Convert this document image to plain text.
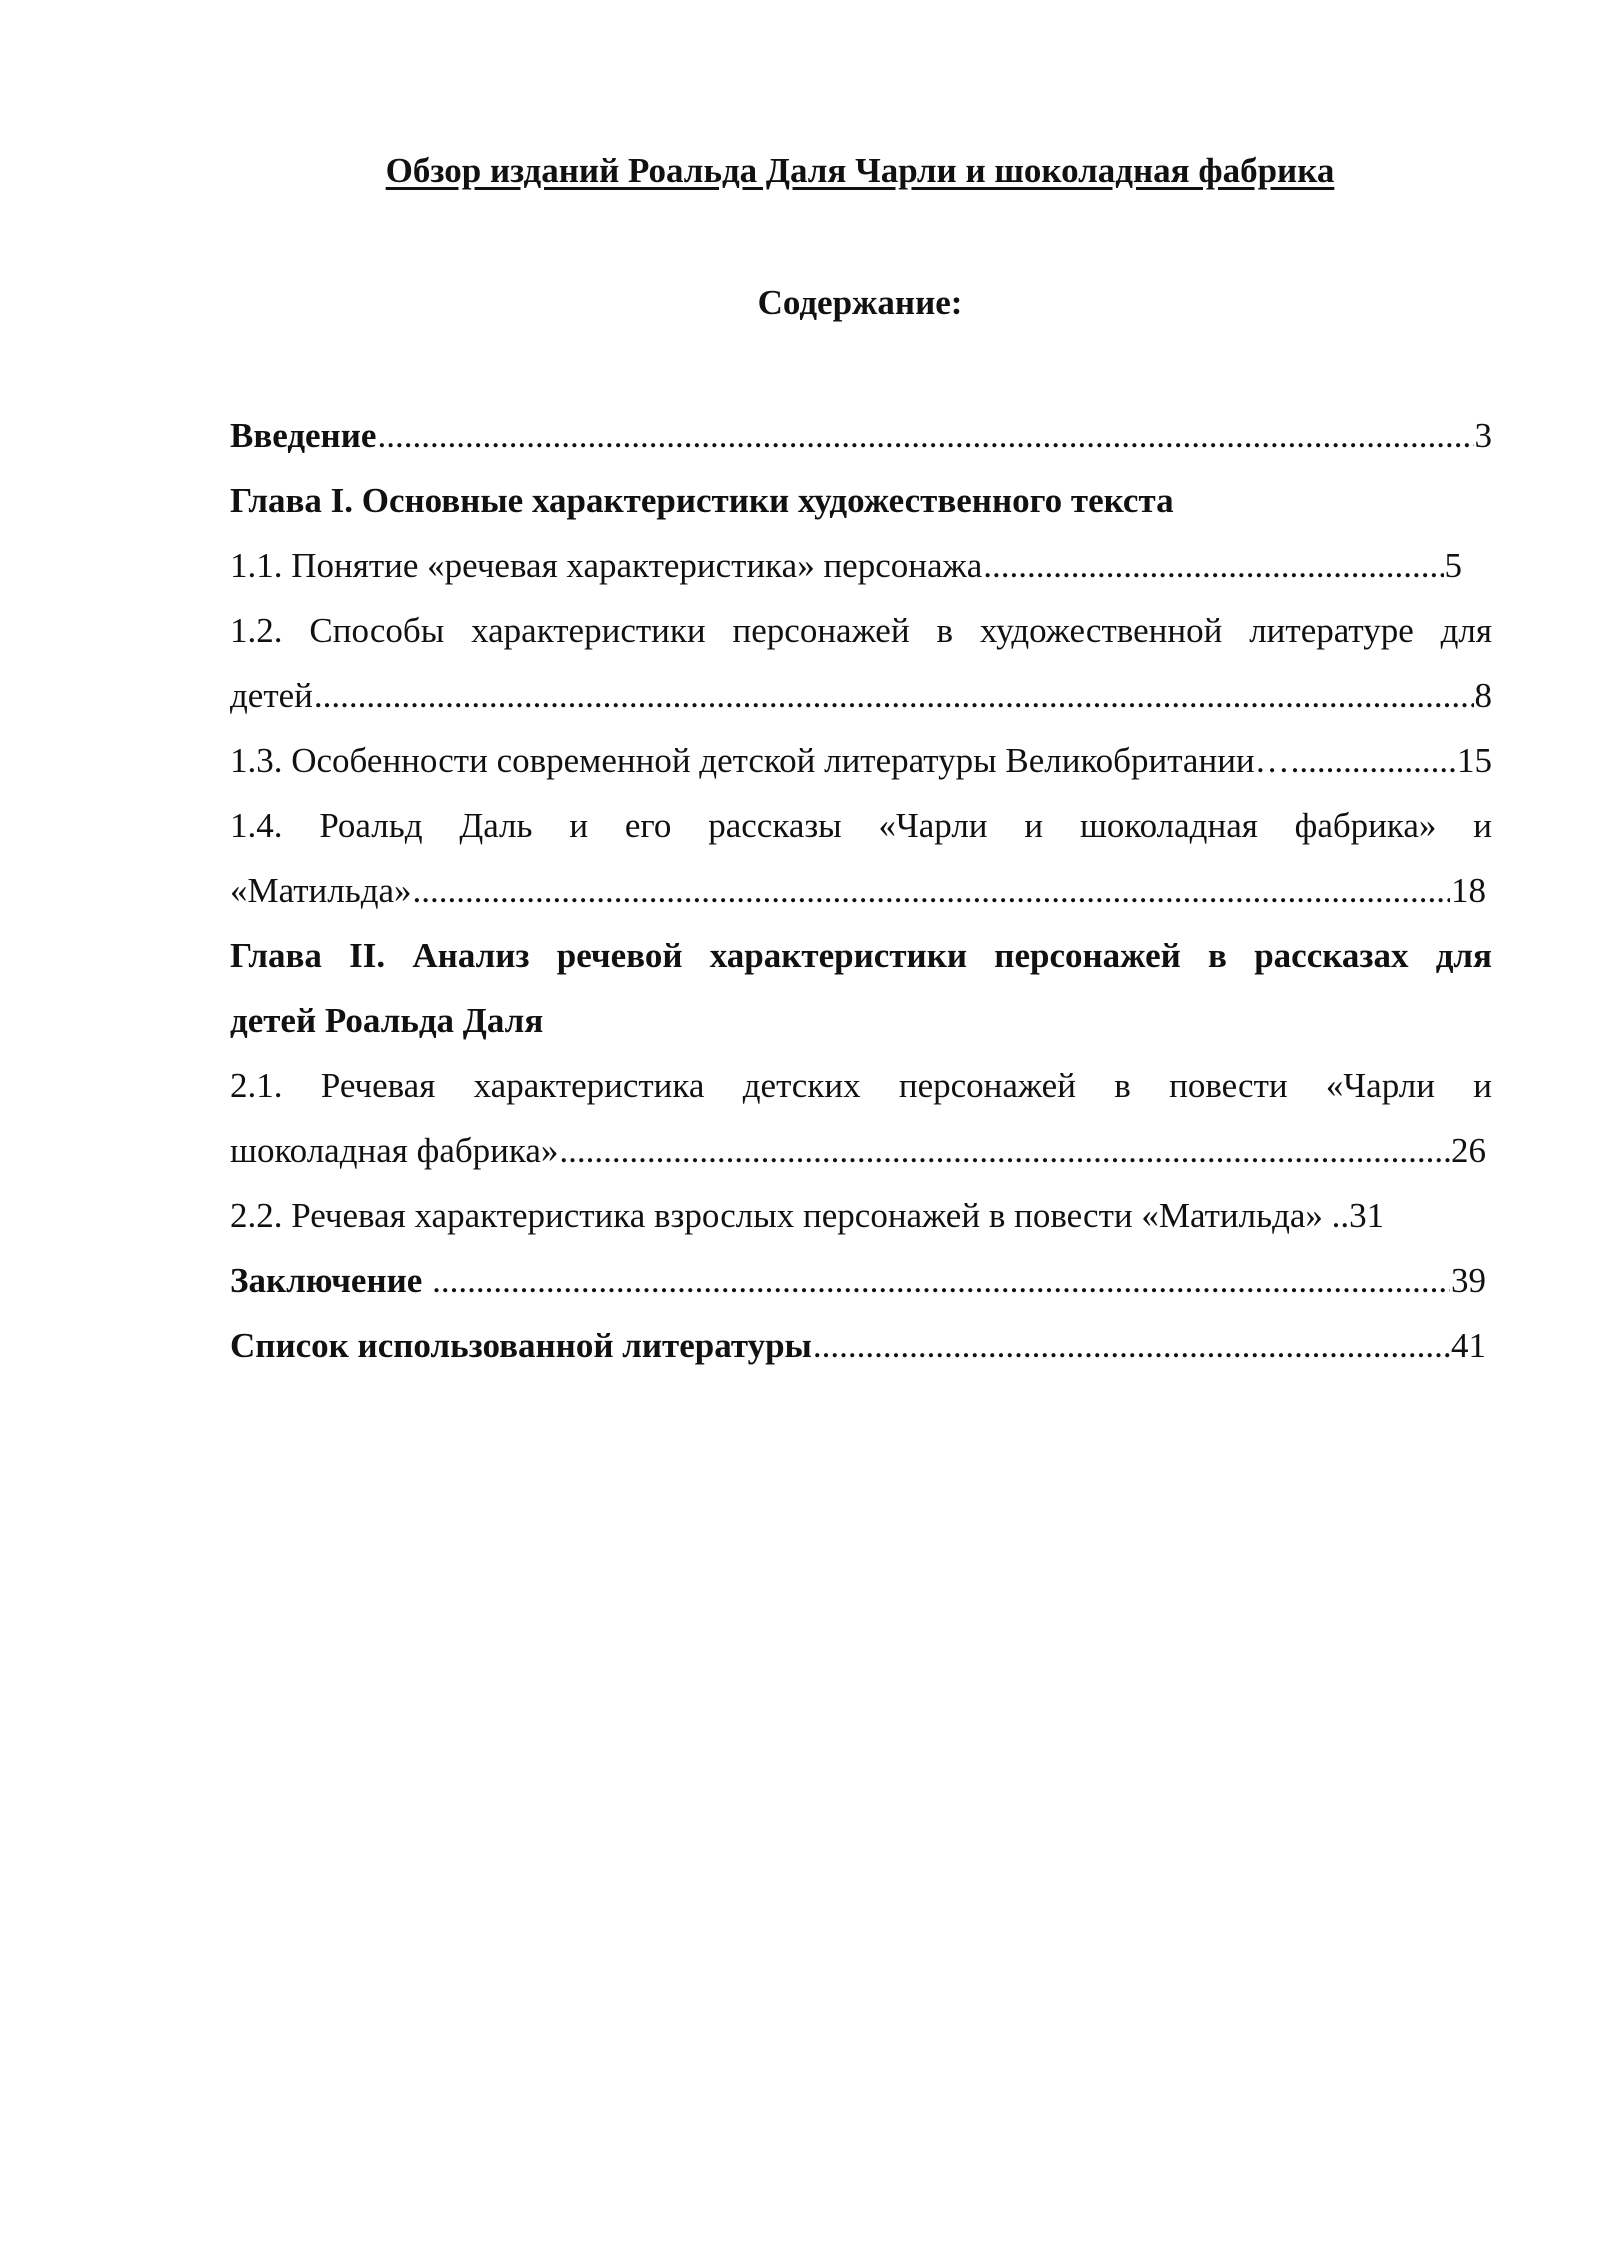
Обзор изданий Роальда Даля Чарли и шоколадная фабрика
Содержание:
Введение .....	3
Глава I. Основные характеристики художественного текста
1.1. Понятие «речевая характеристика» персонажа .....	5
1.2. Способы характеристики персонажей в художественной литературе для
детей .....	8
1.3. Особенности современной детской литературы Великобритании… .....	15
1.4. Роальд Даль и его рассказы «Чарли и шоколадная фабрика» и
«Матильда» .....	18
Глава II. Анализ речевой характеристики персонажей в рассказах для
детей Роальда Даля
2.1. Речевая характеристика детских персонажей в повести «Чарли и
шоколадная фабрика» .....	26
2.2. Речевая характеристика взрослых персонажей в повести «Матильда» ..31
Заключение .....	39
Список использованной литературы .....	41
